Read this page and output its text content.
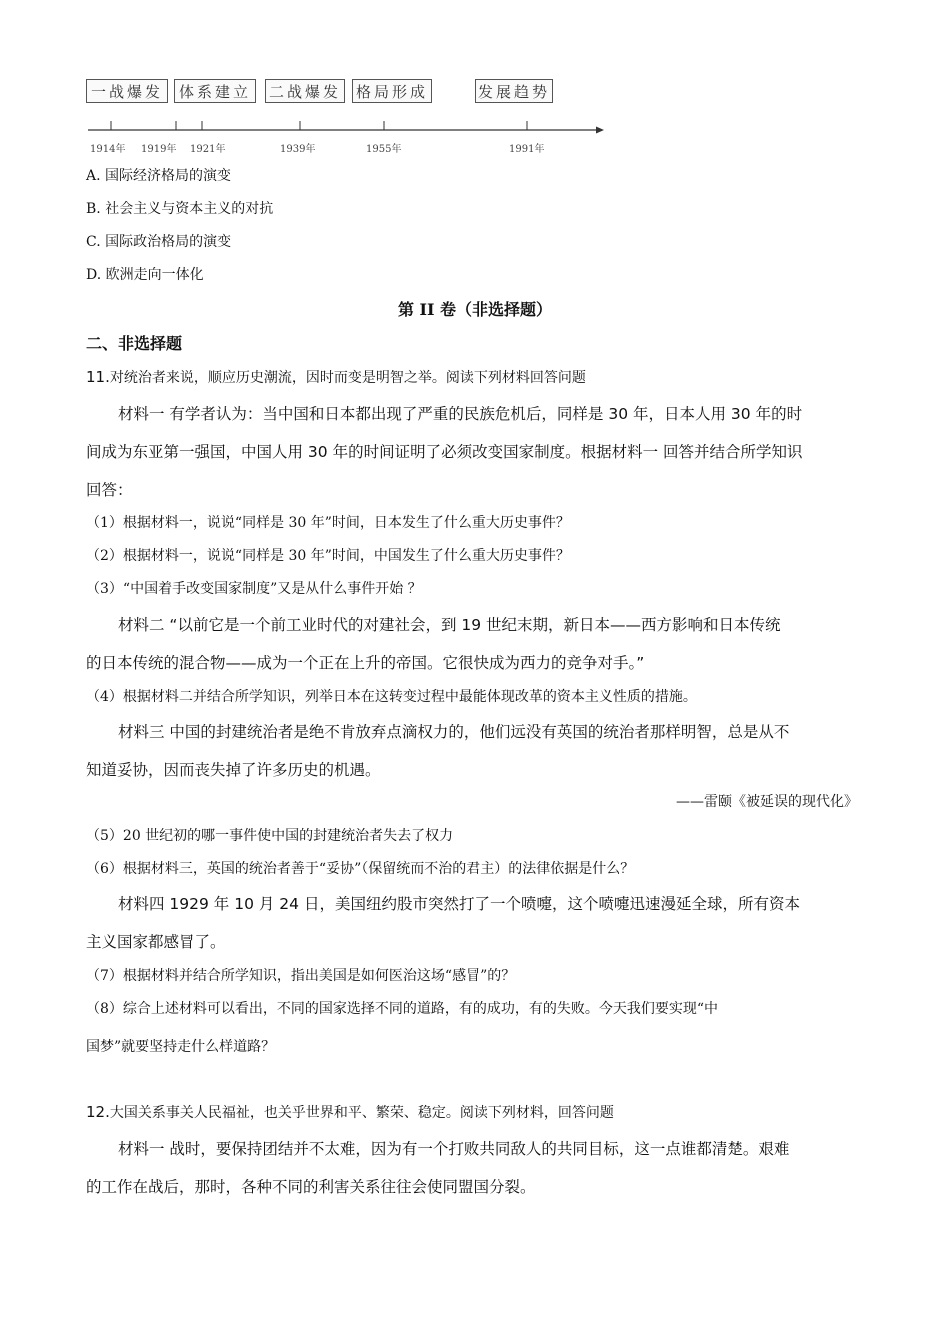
一战爆发	体系建立	二战爆发 格局形成	发展趋势
1914年 1919年 1921年	1939年	1955年	1991年
A. 国际经济格局的演变
B. 社会主义与资本主义的对抗
C. 国际政治格局的演变
D. 欧洲走向一体化
第 II 卷（非选择题）
二、非选择题
11.对统治者来说，顺应历史潮流，因时而变是明智之举。阅读下列材料回答问题
材料一 有学者认为：当中国和日本都出现了严重的民族危机后，同样是 30 年，日本人用 30 年的时
间成为东亚第一强国，中国人用 30 年的时间证明了必须改变国家制度。根据材料一 回答并结合所学知识
回答：
（1）根据材料一，说说“同样是 30 年”时间，日本发生了什么重大历史事件？
（2）根据材料一，说说“同样是 30 年”时间，中国发生了什么重大历史事件？
（3）“中国着手改变国家制度”又是从什么事件开始 ？
材料二 “以前它是一个前工业时代的对建社会，到 19 世纪末期，新日本——西方影响和日本传统
的日本传统的混合物——成为一个正在上升的帝国。它很快成为西力的竞争对手。”
（4）根据材料二并结合所学知识，列举日本在这转变过程中最能体现改革的资本主义性质的措施。
材料三 中国的封建统治者是绝不肯放弃点滴权力的，他们远没有英国的统治者那样明智，总是从不
知道妥协，因而丧失掉了许多历史的机遇。
——雷颐《被延误的现代化》
（5）20 世纪初的哪一事件使中国的封建统治者失去了权力
（6）根据材料三，英国的统治者善于“妥协”（保留统而不治的君主）的法律依据是什么？
材料四 1929 年 10 月 24 日，美国纽约股市突然打了一个喷嚏，这个喷嚏迅速漫延全球，所有资本
主义国家都感冒了。
（7）根据材料并结合所学知识，指出美国是如何医治这场“感冒”的？
（8）综合上述材料可以看出，不同的国家选择不同的道路，有的成功，有的失败。今天我们要实现“中
国梦”就要坚持走什么样道路？
12.大国关系事关人民福祉，也关乎世界和平、繁荣、稳定。阅读下列材料，回答问题
材料一 战时，要保持团结并不太难，因为有一个打败共同敌人的共同目标，这一点谁都清楚。艰难
的工作在战后，那时，各种不同的利害关系往往会使同盟国分裂。
